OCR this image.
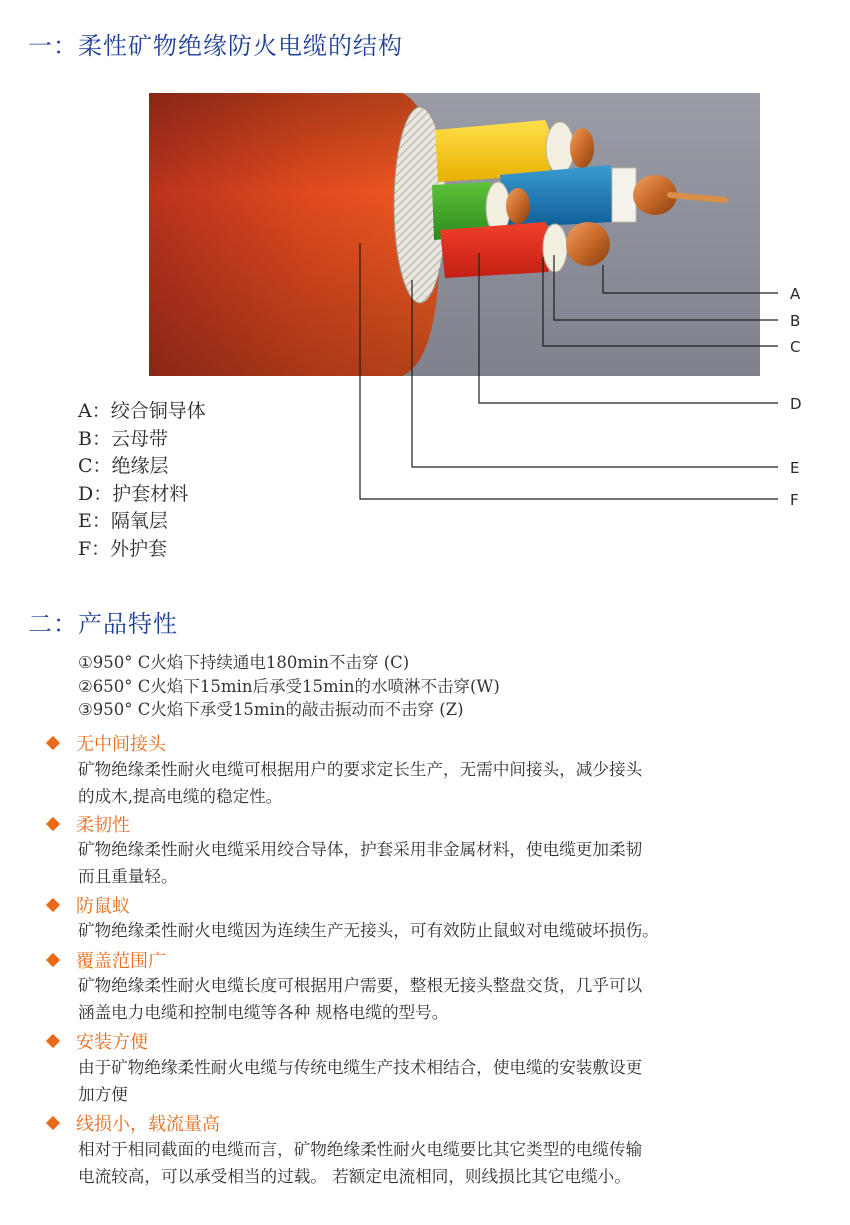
一：柔性矿物绝缘防火电缆的结构
A
B
C
D
E
F
A：绞合铜导体
B：云母带
C：绝缘层
D：护套材料
E：隔氧层
F：外护套
二：产品特性
①950° C火焰下持续通电180min不击穿 (C)
②650° C火焰下15min后承受15min的水喷淋不击穿(W)
③950° C火焰下承受15min的敲击振动而不击穿 (Z)
无中间接头
矿物绝缘柔性耐火电缆可根据用户的要求定长生产，无需中间接头，减少接头
的成木,提高电缆的稳定性。
柔韧性
矿物绝缘柔性耐火电缆采用绞合导体，护套采用非金属材料，使电缆更加柔韧
而且重量轻。
防鼠蚁
矿物绝缘柔性耐火电缆因为连续生产无接头，可有效防止鼠蚁对电缆破坏损伤。
覆盖范围广
矿物绝缘柔性耐火电缆长度可根据用户需要，整根无接头整盘交货，几乎可以
涵盖电力电缆和控制电缆等各种 规格电缆的型号。
安装方便
由于矿物绝缘柔性耐火电缆与传统电缆生产技术相结合，使电缆的安装敷设更
加方便
线损小，载流量高
相对于相同截面的电缆而言，矿物绝缘柔性耐火电缆要比其它类型的电缆传输
电流较高，可以承受相当的过载。 若额定电流相同，则线损比其它电缆小。
